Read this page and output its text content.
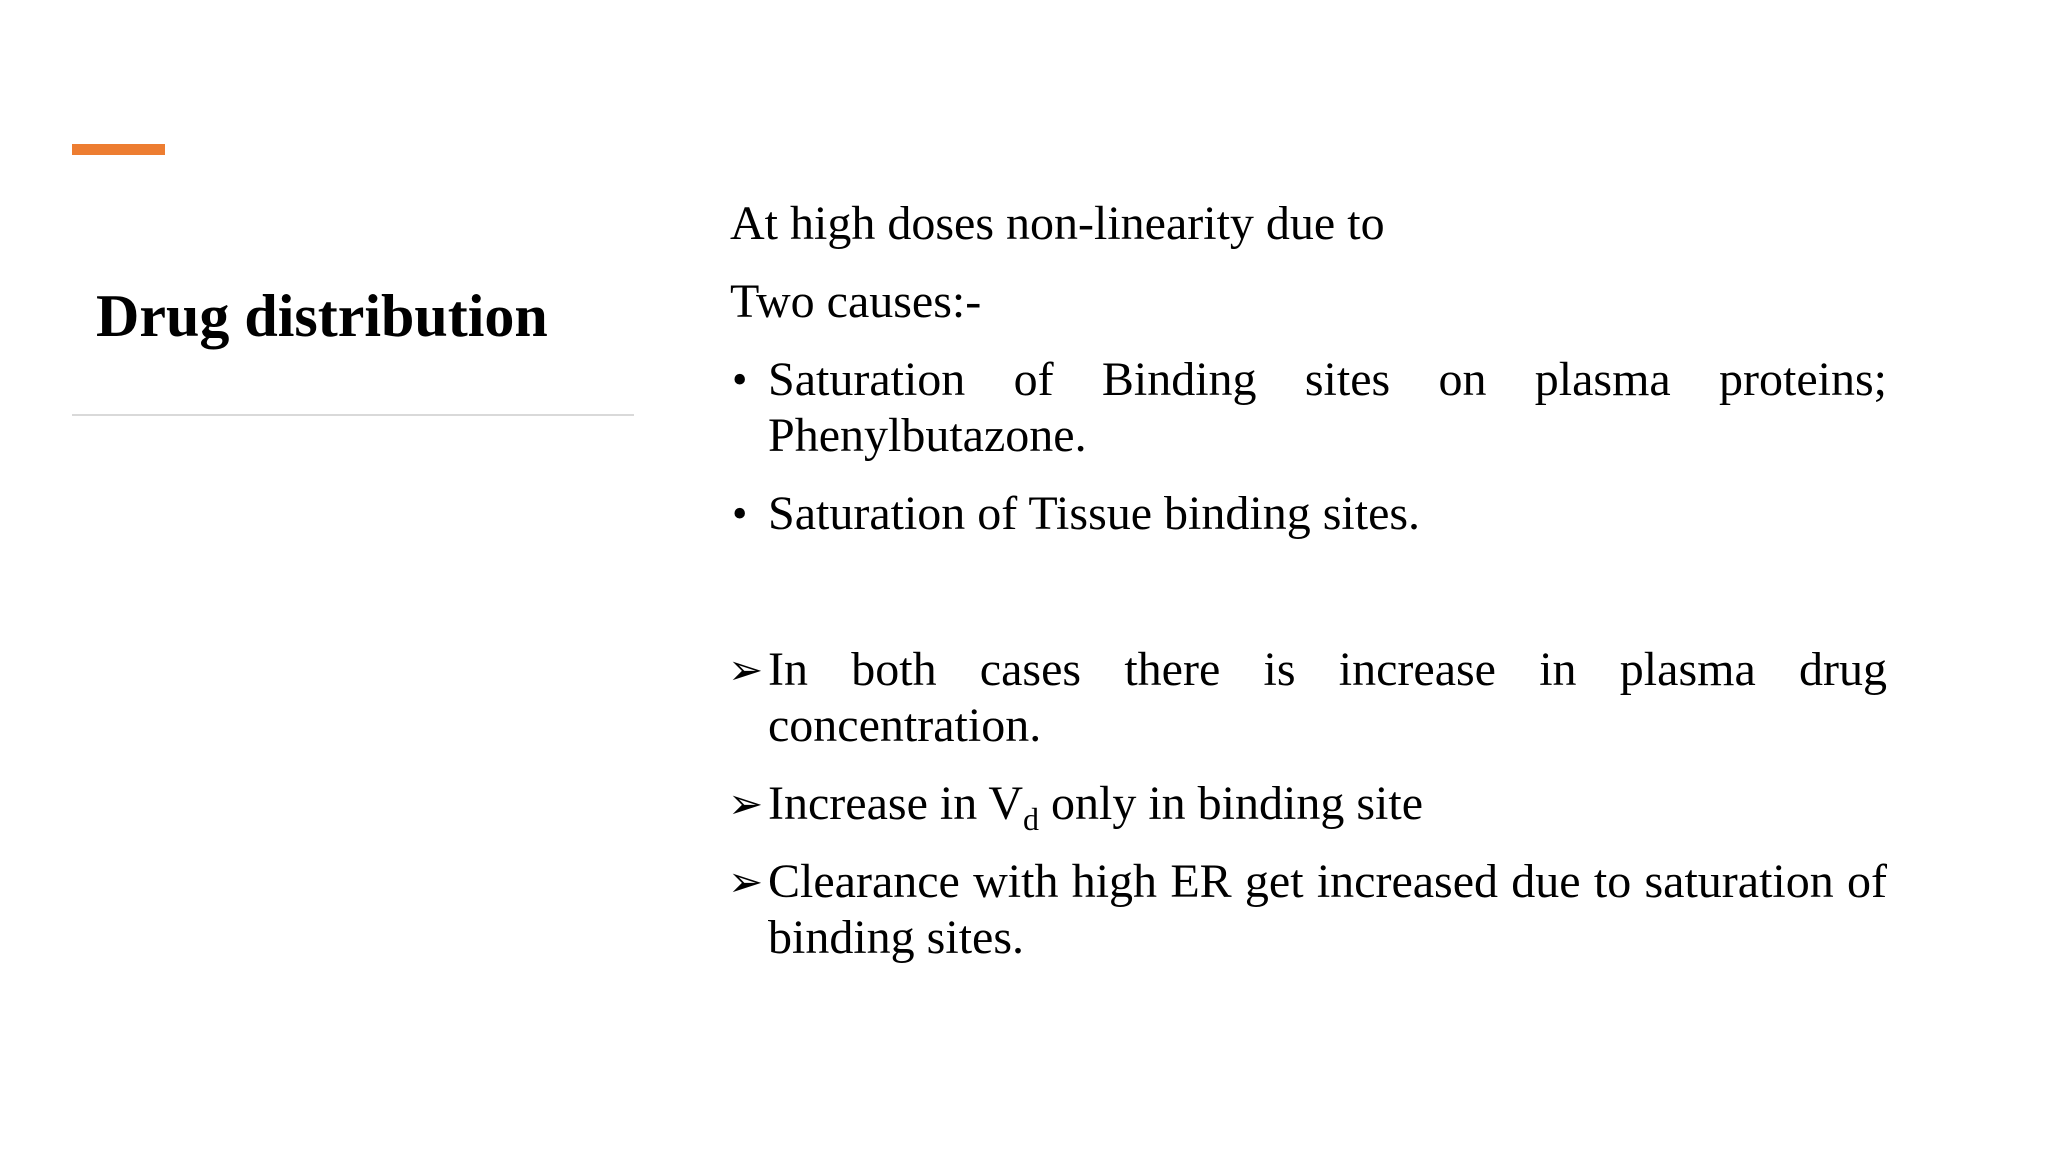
Drug distribution

At high doses non-linearity due to

Two causes:-

• Saturation of Binding sites on plasma proteins; Phenylbutazone.
• Saturation of Tissue binding sites.
➢ In both cases there is increase in plasma drug concentration.
➢ Increase in $V_d$ only in binding site
➢ Clearance with high ER get increased due to saturation of binding sites.
